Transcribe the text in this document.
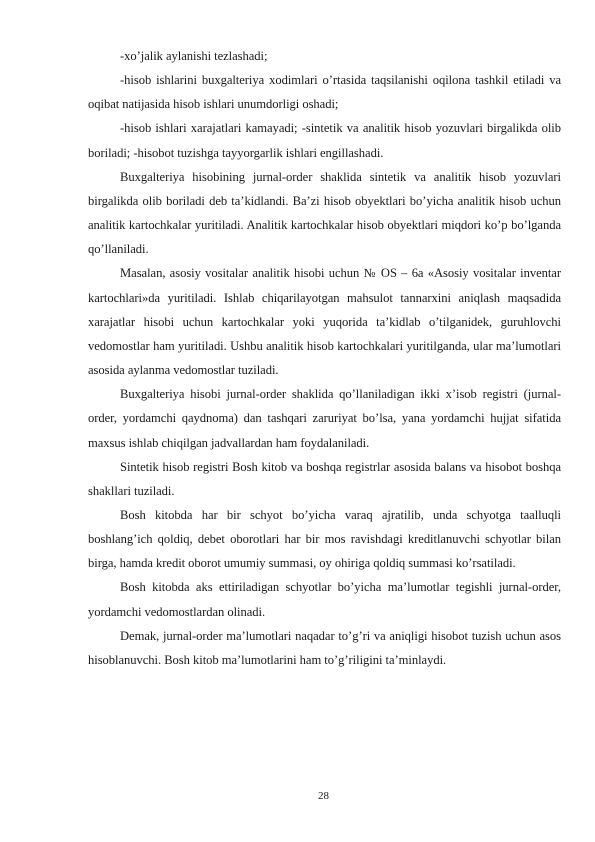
-xo’jalik aylanishi tezlashadi;

-hisob ishlarini buxgalteriya xodimlari o’rtasida taqsilanishi oqilona tashkil etiladi va oqibat natijasida hisob ishlari unumdorligi oshadi;

-hisob ishlari xarajatlari kamayadi; -sintetik va analitik hisob yozuvlari birgalikda olib boriladi; -hisobot tuzishga tayyorgarlik ishlari engillashadi.

Buxgalteriya hisobining jurnal-order shaklida sintetik va analitik hisob yozuvlari birgalikda olib boriladi deb ta’kidlandi. Ba’zi hisob obyektlari bo’yicha analitik hisob uchun analitik kartochkalar yuritiladi. Analitik kartochkalar hisob obyektlari miqdori ko’p bo’lganda qo’llaniladi.

Masalan, asosiy vositalar analitik hisobi uchun № OS – 6a «Asosiy vositalar inventar kartochlari»da yuritiladi. Ishlab chiqarilayotgan mahsulot tannarxini aniqlash maqsadida xarajatlar hisobi uchun kartochkalar yoki yuqorida ta’kidlab o’tilganidek, guruhlovchi vedomostlar ham yuritiladi. Ushbu analitik hisob kartochkalari yuritilganda, ular ma’lumotlari asosida aylanma vedomostlar tuziladi.

Buxgalteriya hisobi jurnal-order shaklida qo’llaniladigan ikki x’isob registri (jurnal-order, yordamchi qaydnoma) dan tashqari zaruriyat bo’lsa, yana yordamchi hujjat sifatida maxsus ishlab chiqilgan jadvallardan ham foydalaniladi.

Sintetik hisob registri Bosh kitob va boshqa registrlar asosida balans va hisobot boshqa shakllari tuziladi.

Bosh kitobda har bir schyot bo’yicha varaq ajratilib, unda schyotga taalluqli boshlang’ich qoldiq, debet oborotlari har bir mos ravishdagi kreditlanuvchi schyotlar bilan birga, hamda kredit oborot umumiy summasi, oy ohiriga qoldiq summasi ko’rsatiladi.

Bosh kitobda aks ettiriladigan schyotlar bo’yicha ma’lumotlar tegishli jurnal-order, yordamchi vedomostlardan olinadi.

Demak, jurnal-order ma’lumotlari naqadar to’g’ri va aniqligi hisobot tuzish uchun asos hisoblanuvchi. Bosh kitob ma’lumotlarini ham to’g’riligini ta’minlaydi.

28
